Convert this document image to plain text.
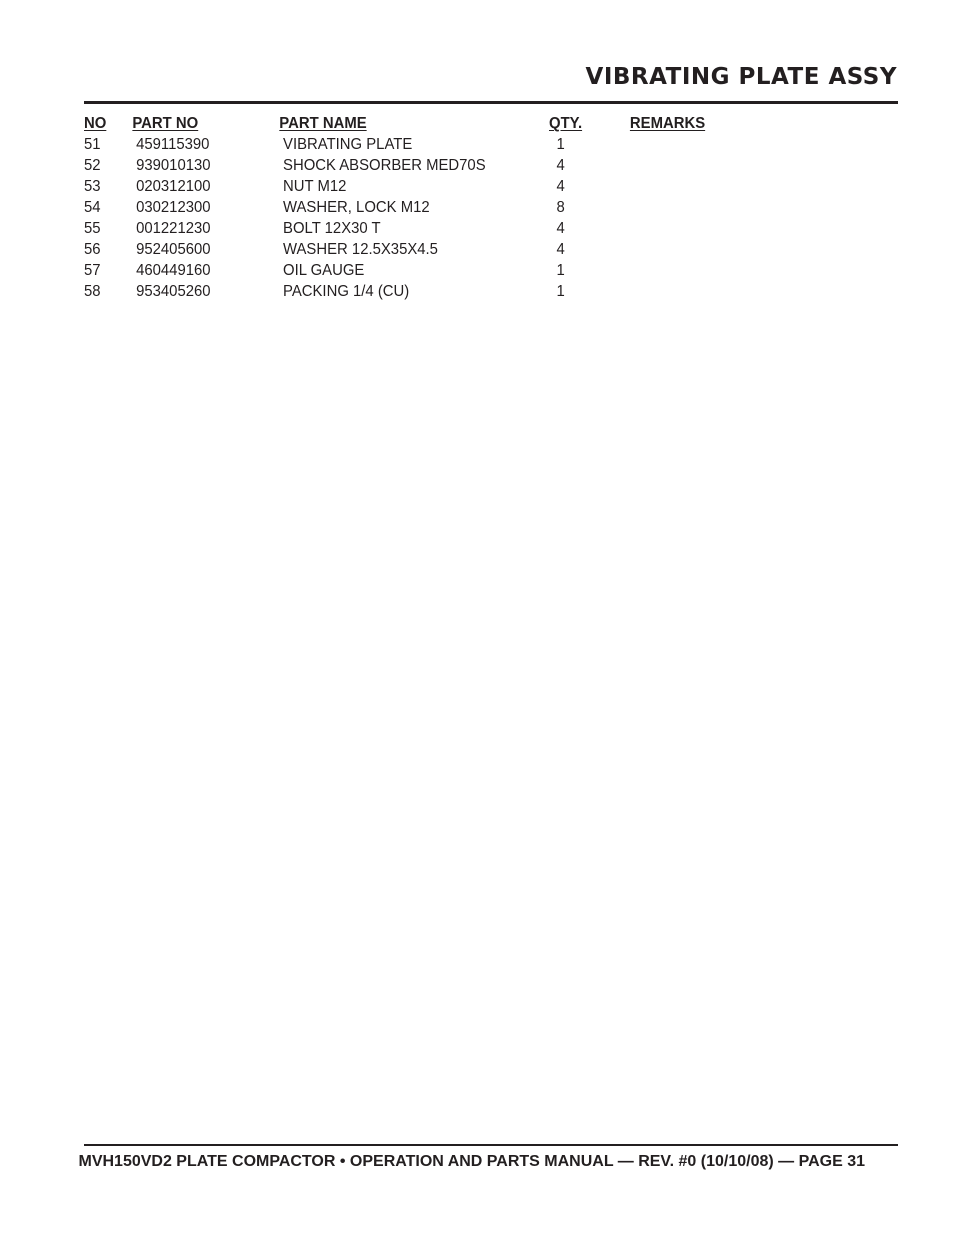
VIBRATING PLATE ASSY
NO PART NO	PART NAME	QTY.	REMARKS
51 459115390	VIBRATING PLATE	1
52 939010130	SHOCK ABSORBER MED70S	4
53 020312100	NUT M12	4
54 030212300	WASHER, LOCK M12	8
55 001221230	BOLT 12X30 T	4
56 952405600	WASHER 12.5X35X4.5	4
57 460449160	OIL GAUGE	1
58 953405260	PACKING 1/4 (CU)	1
MVH150VD2 PLATE COMPACTOR • OPERATION AND PARTS MANUAL — REV. #0 (10/10/08) — PAGE 31
